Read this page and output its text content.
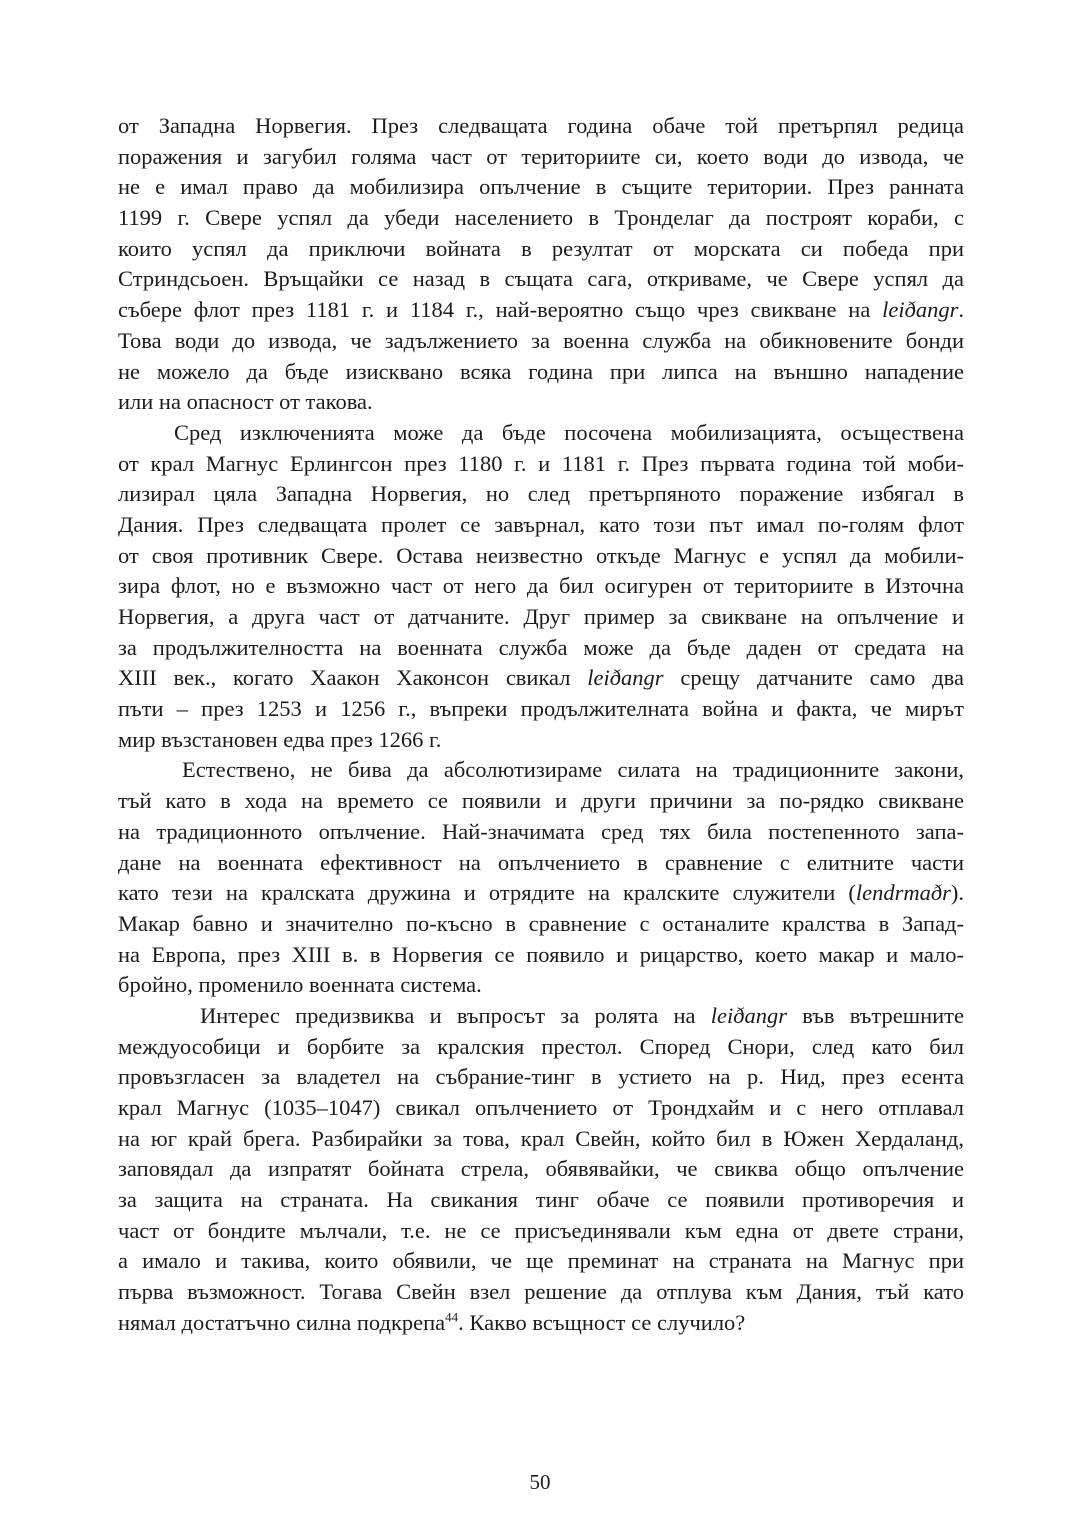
от Западна Норвегия. През следващата година обаче той претърпял редица
поражения и загубил голяма част от териториите си, което води до извода, че
не е имал право да мобилизира опълчение в същите територии. През ранната
1199 г. Свере успял да убеди населението в Тронделаг да построят кораби, с
които успял да приключи войната в резултат от морската си победа при
Стриндсьоен. Връщайки се назад в същата сага, откриваме, че Свере успял да
събере флот през 1181 г. и 1184 г., най-вероятно също чрез свикване на leiðangr.
Това води до извода, че задължението за военна служба на обикновените бонди
не можело да бъде изисквано всяка година при липса на външно нападение
или на опасност от такова.
Сред изключенията може да бъде посочена мобилизацията, осъществена
от крал Магнус Ерлингсон през 1180 г. и 1181 г. През първата година той моби-
лизирал цяла Западна Норвегия, но след претърпяното поражение избягал в
Дания. През следващата пролет се завърнал, като този път имал по-голям флот
от своя противник Свере. Остава неизвестно откъде Магнус е успял да мобили-
зира флот, но е възможно част от него да бил осигурен от териториите в Източна
Норвегия, а друга част от датчаните. Друг пример за свикване на опълчение и
за продължителността на военната служба може да бъде даден от средата на
XIII век., когато Хаакон Хаконсон свикал leiðangr срещу датчаните само два
пъти – през 1253 и 1256 г., въпреки продължителната война и факта, че мирът
мир възстановен едва през 1266 г.
Естествено, не бива да абсолютизираме силата на традиционните закони,
тъй като в хода на времето се появили и други причини за по-рядко свикване
на традиционното опълчение. Най-значимата сред тях била постепенното запа-
дане на военната ефективност на опълчението в сравнение с елитните части
като тези на кралската дружина и отрядите на кралските служители (lendrmaðr).
Макар бавно и значително по-късно в сравнение с останалите кралства в Запад-
на Европа, през XIII в. в Норвегия се появило и рицарство, което макар и мало-
бройно, променило военната система.
Интерес предизвиква и въпросът за ролята на leiðangr във вътрешните
междуособици и борбите за кралския престол. Според Снори, след като бил
провъзгласен за владетел на събрание-тинг в устието на р. Нид, през есента
крал Магнус (1035–1047) свикал опълчението от Трондхайм и с него отплавал
на юг край брега. Разбирайки за това, крал Свейн, който бил в Южен Хердаланд,
заповядал да изпратят бойната стрела, обявявайки, че свиква общо опълчение
за защита на страната. На свикания тинг обаче се появили противоречия и
част от бондите мълчали, т.е. не се присъединявали към една от двете страни,
а имало и такива, които обявили, че ще преминат на страната на Магнус при
първа възможност. Тогава Свейн взел решение да отплува към Дания, тъй като
нямал достатъчно силна подкрепа$^{44}$. Какво всъщност се случило?
50
